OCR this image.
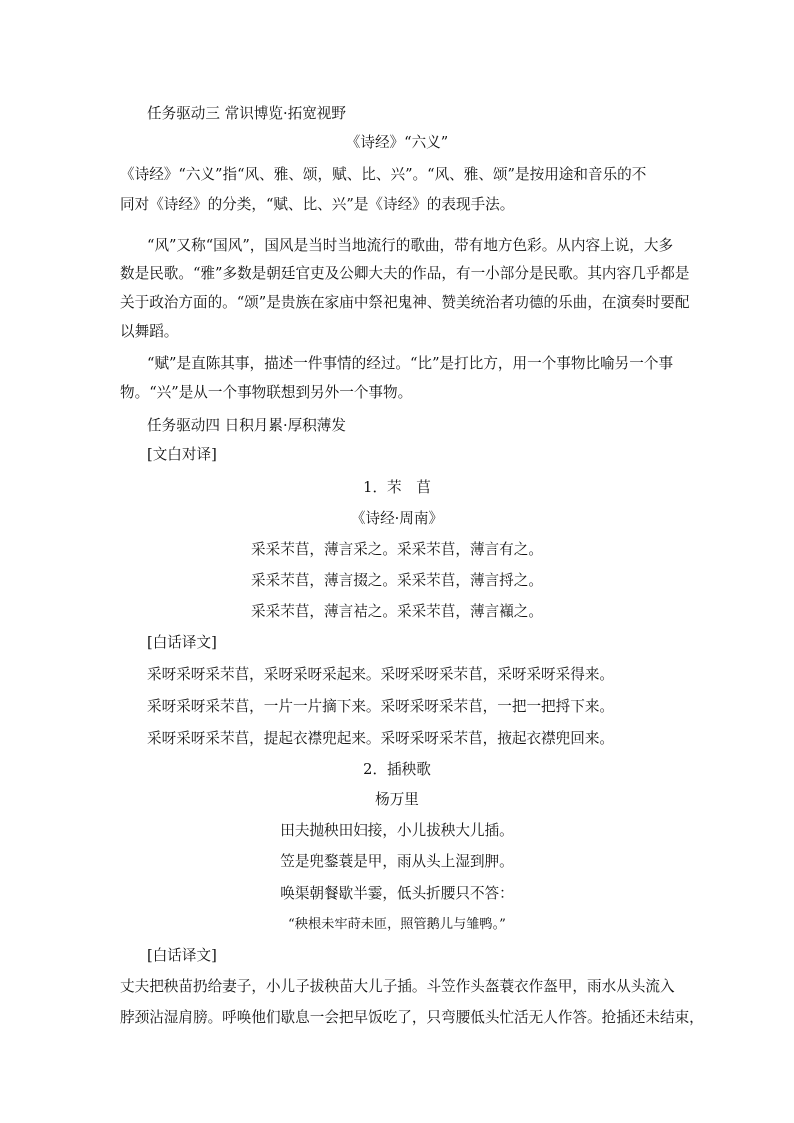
任务驱动三 常识博览·拓宽视野

《诗经》“六义”

《诗经》“六义”指“风、雅、颂，赋、比、兴”。“风、雅、颂”是按用途和音乐的不

同对《诗经》的分类，“赋、比、兴”是《诗经》的表现手法。

“风”又称“国风”，国风是当时当地流行的歌曲，带有地方色彩。从内容上说，大多

数是民歌。“雅”多数是朝廷官吏及公卿大夫的作品，有一小部分是民歌。其内容几乎都是

关于政治方面的。“颂”是贵族在家庙中祭祀鬼神、赞美统治者功德的乐曲，在演奏时要配

以舞蹈。

“赋”是直陈其事，描述一件事情的经过。“比”是打比方，用一个事物比喻另一个事

物。“兴”是从一个事物联想到另外一个事物。

任务驱动四 日积月累·厚积薄发

[文白对译]

1．芣　苢

《诗经·周南》

采采芣苢，薄言采之。采采芣苢，薄言有之。

采采芣苢，薄言掇之。采采芣苢，薄言捋之。

采采芣苢，薄言袺之。采采芣苢，薄言襭之。

[白话译文]

采呀采呀采芣苢，采呀采呀采起来。采呀采呀采芣苢，采呀采呀采得来。

采呀采呀采芣苢，一片一片摘下来。采呀采呀采芣苢，一把一把捋下来。

采呀采呀采芣苢，提起衣襟兜起来。采呀采呀采芣苢，掖起衣襟兜回来。

2．插秧歌

杨万里

田夫抛秧田妇接，小儿拔秧大儿插。

笠是兜鍪蓑是甲，雨从头上湿到胛。

唤渠朝餐歇半霎，低头折腰只不答：

“秧根未牢莳未匝，照管鹅儿与雏鸭。”

[白话译文]

丈夫把秧苗扔给妻子，小儿子拔秧苗大儿子插。斗笠作头盔蓑衣作盔甲，雨水从头流入

脖颈沾湿肩膀。呼唤他们歇息一会把早饭吃了，只弯腰低头忙活无人作答。抢插还未结束，
